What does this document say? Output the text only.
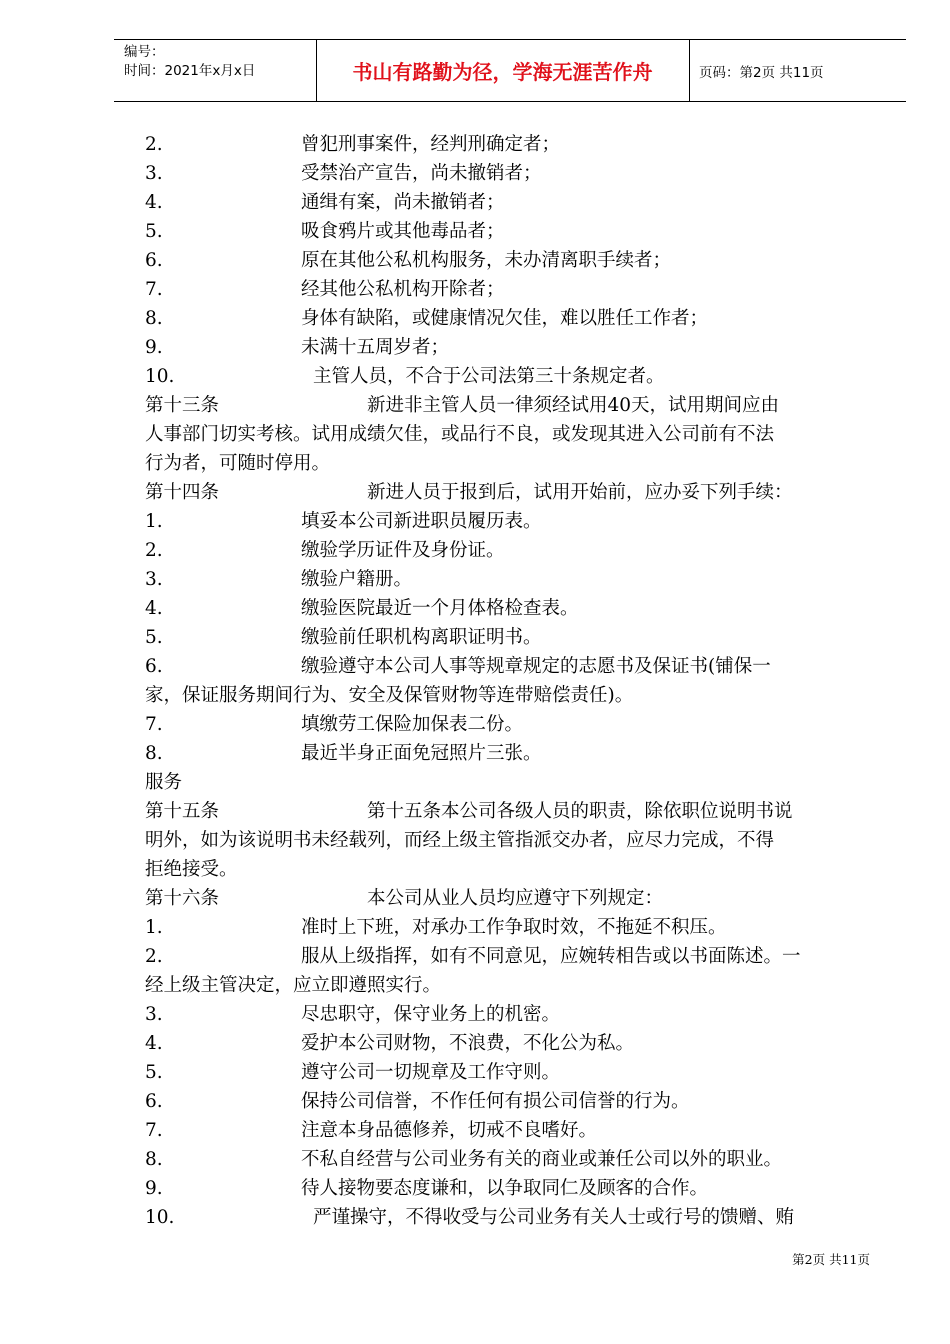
编号：
时间：2021年x月x日	书山有路勤为径，学海无涯苦作舟	页码：第2页 共11页
2.	曾犯刑事案件，经判刑确定者；
3.	受禁治产宣告，尚未撤销者；
4.	通缉有案，尚未撤销者；
5.	吸食鸦片或其他毒品者；
6.	原在其他公私机构服务，未办清离职手续者；
7.	经其他公私机构开除者；
8.	身体有缺陷，或健康情况欠佳，难以胜任工作者；
9.	未满十五周岁者；
10.	主管人员，不合于公司法第三十条规定者。
第十三条	新进非主管人员一律须经试用40天，试用期间应由
人事部门切实考核。试用成绩欠佳，或品行不良，或发现其进入公司前有不法
行为者，可随时停用。
第十四条	新进人员于报到后，试用开始前，应办妥下列手续：
1.	填妥本公司新进职员履历表。
2.	缴验学历证件及身份证。
3.	缴验户籍册。
4.	缴验医院最近一个月体格检查表。
5.	缴验前任职机构离职证明书。
6.	缴验遵守本公司人事等规章规定的志愿书及保证书(铺保一
家，保证服务期间行为、安全及保管财物等连带赔偿责任)。
7.	填缴劳工保险加保表二份。
8.	最近半身正面免冠照片三张。
服务
第十五条	第十五条本公司各级人员的职责，除依职位说明书说
明外，如为该说明书未经载列，而经上级主管指派交办者，应尽力完成，不得
拒绝接受。
第十六条	本公司从业人员均应遵守下列规定：
1.	准时上下班，对承办工作争取时效，不拖延不积压。
2.	服从上级指挥，如有不同意见，应婉转相告或以书面陈述。一
经上级主管决定，应立即遵照实行。
3.	尽忠职守，保守业务上的机密。
4.	爱护本公司财物，不浪费，不化公为私。
5.	遵守公司一切规章及工作守则。
6.	保持公司信誉，不作任何有损公司信誉的行为。
7.	注意本身品德修养，切戒不良嗜好。
8.	不私自经营与公司业务有关的商业或兼任公司以外的职业。
9.	待人接物要态度谦和，以争取同仁及顾客的合作。
10.	严谨操守，不得收受与公司业务有关人士或行号的馈赠、贿
第2页 共11页
